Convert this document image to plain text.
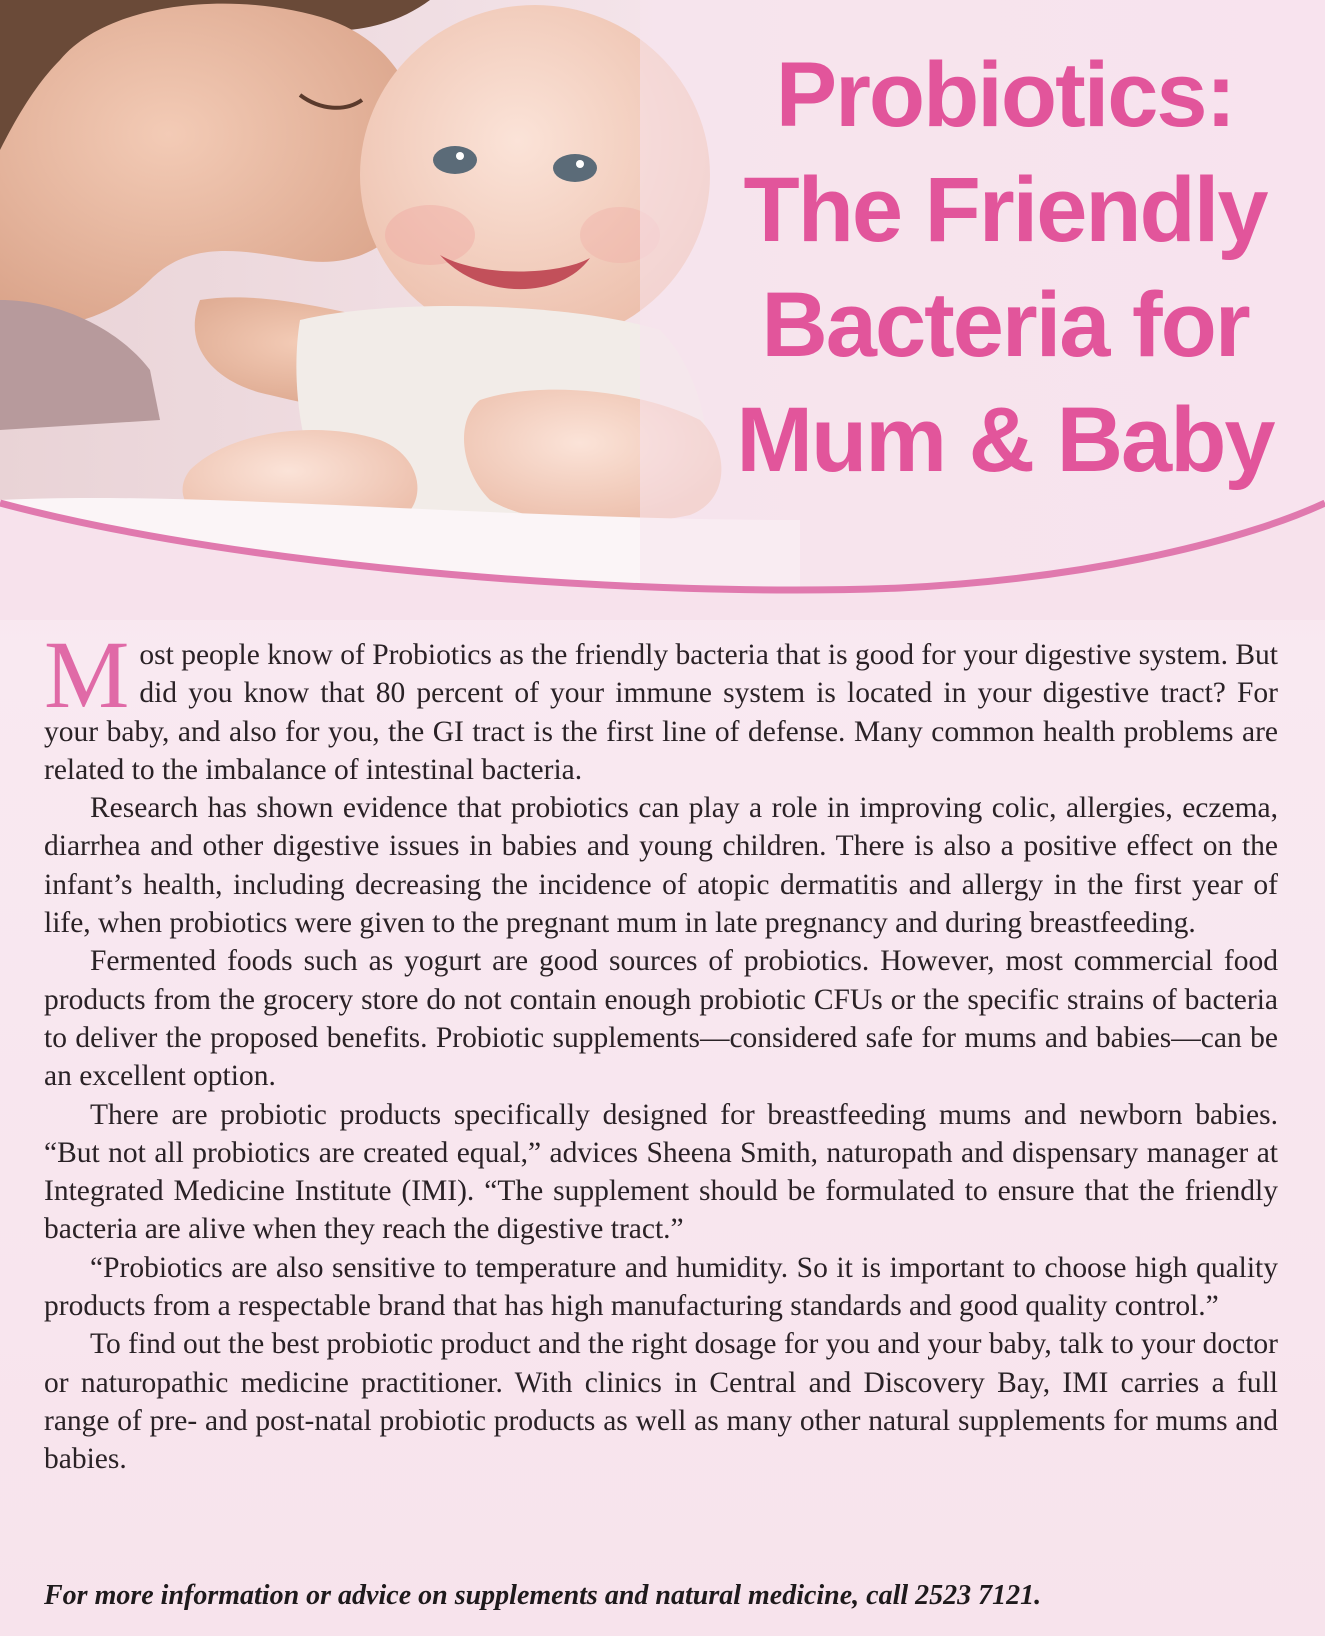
Probiotics:
The Friendly
Bacteria for
Mum & Baby

Most people know of Probiotics as the friendly bacteria that is good for your digestive system. But did you know that 80 percent of your immune system is located in your digestive tract? For your baby, and also for you, the GI tract is the first line of defense. Many common health problems are related to the imbalance of intestinal bacteria.

Research has shown evidence that probiotics can play a role in improving colic, allergies, eczema, diarrhea and other digestive issues in babies and young children. There is also a positive effect on the infant’s health, including decreasing the incidence of atopic dermatitis and allergy in the first year of life, when probiotics were given to the pregnant mum in late pregnancy and during breastfeeding.

Fermented foods such as yogurt are good sources of probiotics. However, most commercial food products from the grocery store do not contain enough probiotic CFUs or the specific strains of bacteria to deliver the proposed benefits. Probiotic supplements—considered safe for mums and babies—can be an excellent option.

There are probiotic products specifically designed for breastfeeding mums and newborn babies. “But not all probiotics are created equal,” advices Sheena Smith, naturopath and dispensary manager at Integrated Medicine Institute (IMI). “The supplement should be formulated to ensure that the friendly bacteria are alive when they reach the digestive tract.”

“Probiotics are also sensitive to temperature and humidity. So it is important to choose high quality products from a respectable brand that has high manufacturing standards and good quality control.”

To find out the best probiotic product and the right dosage for you and your baby, talk to your doctor or naturopathic medicine practitioner. With clinics in Central and Discovery Bay, IMI carries a full range of pre- and post-natal probiotic products as well as many other natural supplements for mums and babies.

For more information or advice on supplements and natural medicine, call 2523 7121.
